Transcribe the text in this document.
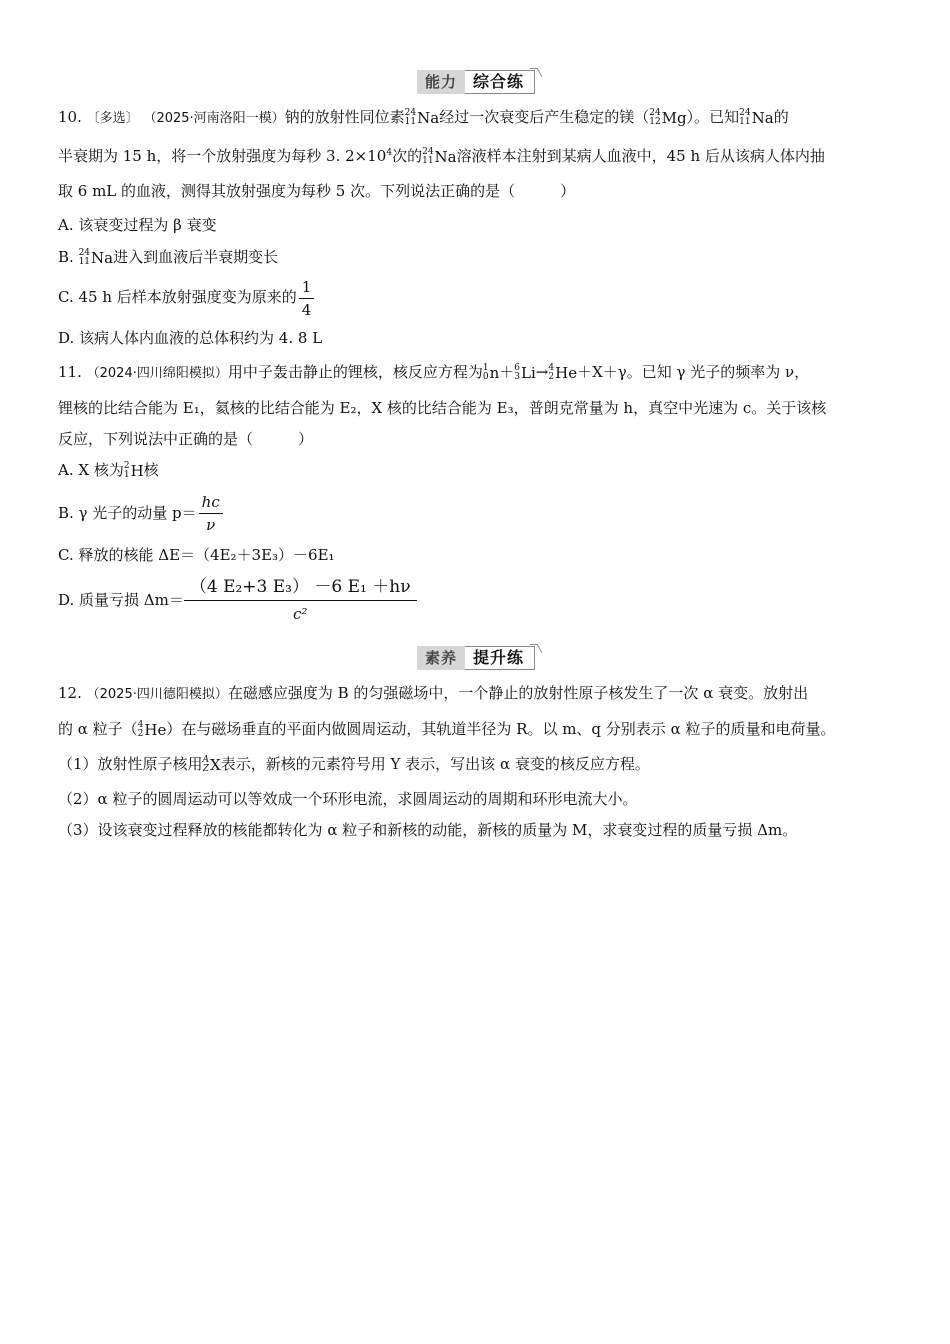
能力	综合练

10. 〔多选〕 （2025·河南洛阳一模）钠的放射性同位素 24
11 Na 经过一次衰变后产生稳定的镁（ 24
12 Mg ）。已知 24
11 Na 的

半衰期为 15 h，将一个放射强度为每秒 3. $2\times 10^4$次的 24
11 Na 溶液样本注射到某病人血液中，45 h 后从该病人体内抽

取 6 mL 的血液，测得其放射强度为每秒 5 次。下列说法正确的是（　　　）

A. 该衰变过程为 β 衰变

B. 24
11 Na 进入到血液后半衰期变长

C. 45 h 后样本放射强度变为原来的 $\frac{1}{4}$

D. 该病人体内血液的总体积约为 4. 8 L

11. （2024·四川绵阳模拟）用中子轰击静止的锂核，核反应方程为 1
0 n ＋ 6
3 Li → 4
2 He ＋X＋γ。已知 γ 光子的频率为 ν，

锂核的比结合能为 E₁，氦核的比结合能为 E₂，X 核的比结合能为 E₃，普朗克常量为 h，真空中光速为 c。关于该核

反应，下列说法中正确的是（　　　）

A. X 核为 2
1 H 核

B. γ 光子的动量 $p= \frac{hc}{\nu}$

C. 释放的核能 ΔE＝（4E₂＋3E₃）－6E₁

D. 质量亏损 $\Delta m= \frac{\text{（4 E₂+3 E₃） －6 E₁ ＋hν}}{\text{c²}}$

素养	提升练

12. （2025·四川德阳模拟）在磁感应强度为 B 的匀强磁场中，一个静止的放射性原子核发生了一次 α 衰变。放射出

的 α 粒子（ 4
2 He ）在与磁场垂直的平面内做圆周运动，其轨道半径为 R。以 m、q 分别表示 α 粒子的质量和电荷量。

（1）放射性原子核用 A
Z X 表示，新核的元素符号用 Y 表示，写出该 α 衰变的核反应方程。

（2）α 粒子的圆周运动可以等效成一个环形电流，求圆周运动的周期和环形电流大小。

（3）设该衰变过程释放的核能都转化为 α 粒子和新核的动能，新核的质量为 M，求衰变过程的质量亏损 Δm。
